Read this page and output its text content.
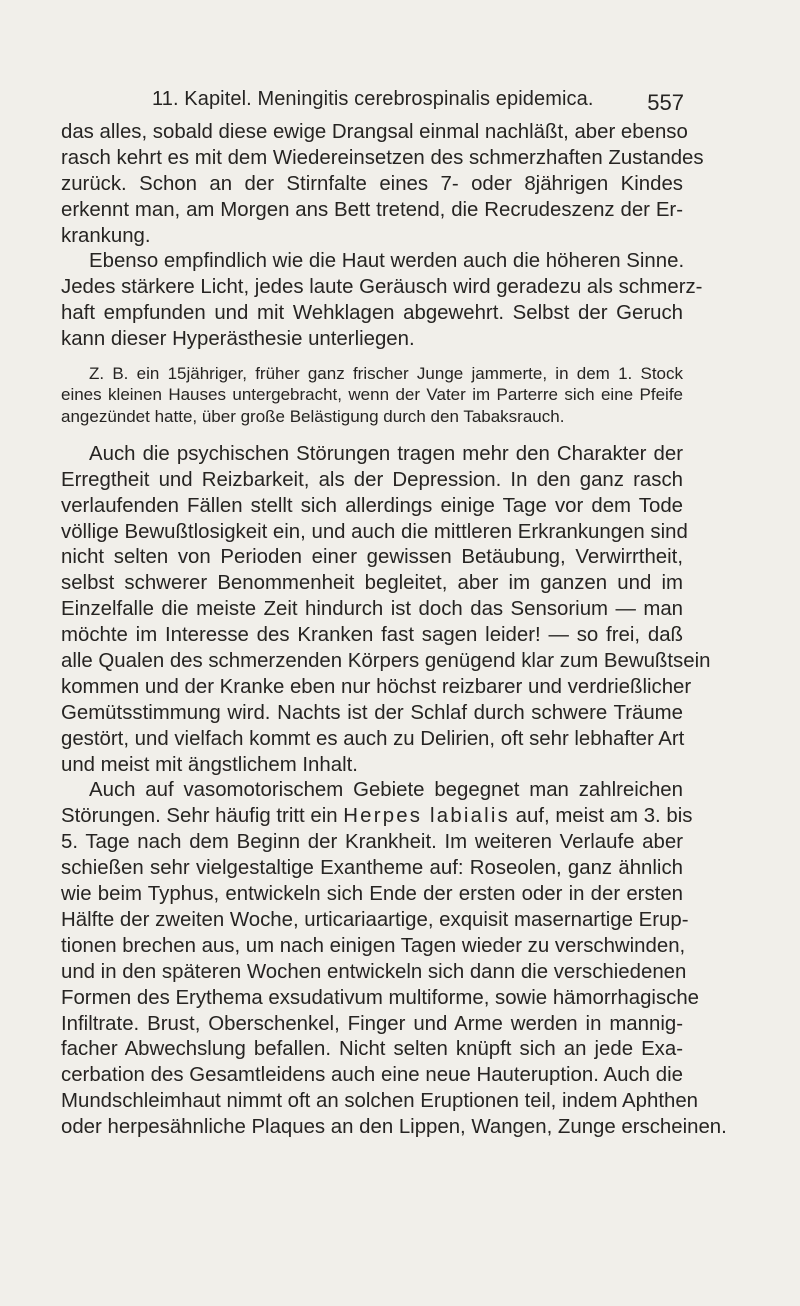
11. Kapitel. Meningitis cerebrospinalis epidemica. 557
das alles, sobald diese ewige Drangsal einmal nachläßt, aber ebenso
rasch kehrt es mit dem Wiedereinsetzen des schmerzhaften Zustandes
zurück. Schon an der Stirnfalte eines 7- oder 8jährigen Kindes
erkennt man, am Morgen ans Bett tretend, die Recrudeszenz der Er-
krankung.
Ebenso empfindlich wie die Haut werden auch die höheren Sinne.
Jedes stärkere Licht, jedes laute Geräusch wird geradezu als schmerz-
haft empfunden und mit Wehklagen abgewehrt. Selbst der Geruch
kann dieser Hyperästhesie unterliegen.
Z. B. ein 15jähriger, früher ganz frischer Junge jammerte, in dem 1. Stock
eines kleinen Hauses untergebracht, wenn der Vater im Parterre sich eine Pfeife
angezündet hatte, über große Belästigung durch den Tabaksrauch.
Auch die psychischen Störungen tragen mehr den Charakter der
Erregtheit und Reizbarkeit, als der Depression. In den ganz rasch
verlaufenden Fällen stellt sich allerdings einige Tage vor dem Tode
völlige Bewußtlosigkeit ein, und auch die mittleren Erkrankungen sind
nicht selten von Perioden einer gewissen Betäubung, Verwirrtheit,
selbst schwerer Benommenheit begleitet, aber im ganzen und im
Einzelfalle die meiste Zeit hindurch ist doch das Sensorium — man
möchte im Interesse des Kranken fast sagen leider! — so frei, daß
alle Qualen des schmerzenden Körpers genügend klar zum Bewußtsein
kommen und der Kranke eben nur höchst reizbarer und verdrießlicher
Gemütsstimmung wird. Nachts ist der Schlaf durch schwere Träume
gestört, und vielfach kommt es auch zu Delirien, oft sehr lebhafter Art
und meist mit ängstlichem Inhalt.
Auch auf vasomotorischem Gebiete begegnet man zahlreichen
Störungen. Sehr häufig tritt ein Herpes labialis auf, meist am 3. bis
5. Tage nach dem Beginn der Krankheit. Im weiteren Verlaufe aber
schießen sehr vielgestaltige Exantheme auf: Roseolen, ganz ähnlich
wie beim Typhus, entwickeln sich Ende der ersten oder in der ersten
Hälfte der zweiten Woche, urticariaartige, exquisit masernartige Erup-
tionen brechen aus, um nach einigen Tagen wieder zu verschwinden,
und in den späteren Wochen entwickeln sich dann die verschiedenen
Formen des Erythema exsudativum multiforme, sowie hämorrhagische
Infiltrate. Brust, Oberschenkel, Finger und Arme werden in mannig-
facher Abwechslung befallen. Nicht selten knüpft sich an jede Exa-
cerbation des Gesamtleidens auch eine neue Hauteruption. Auch die
Mundschleimhaut nimmt oft an solchen Eruptionen teil, indem Aphthen
oder herpesähnliche Plaques an den Lippen, Wangen, Zunge erscheinen.
